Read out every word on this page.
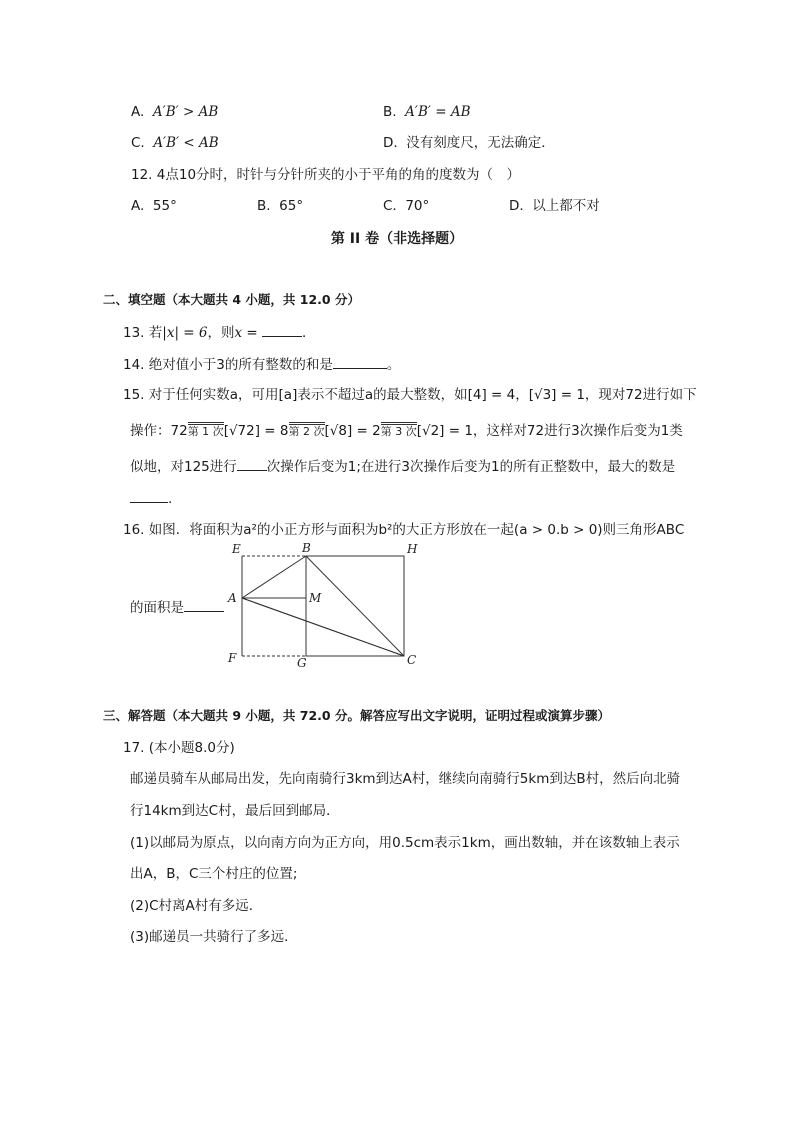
A. A′B′ > AB	B. A′B′ = AB
C. A′B′ < AB	D. 没有刻度尺，无法确定．
12. 4点10分时，时针与分针所夹的小于平角的角的度数为（　）
A. 55°	B. 65°	C. 70°	D. 以上都不对
第 II 卷（非选择题）
二、填空题（本大题共 4 小题，共 12.0 分）
13. 若|x| = 6，则x =	．
14. 绝对值小于3的所有整数的和是	。
15. 对于任何实数a，可用[a]表示不超过a的最大整数，如[4] = 4，[√3] = 1，现对72进行如下
操作：72第 1 次[√72] = 8第 2 次[√8] = 2第 3 次[√2] = 1，这样对72进行3次操作后变为1类
似地，对125进行 次操作后变为1;在进行3次操作后变为1的所有正整数中，最大的数是
.
16. 如图．将面积为a²的小正方形与面积为b²的大正方形放在一起(a > 0.b > 0)则三角形ABC
的面积是
E	B	H
A	M
F	G	C
三、解答题（本大题共 9 小题，共 72.0 分。解答应写出文字说明，证明过程或演算步骤）
17. (本小题8.0分)
邮递员骑车从邮局出发，先向南骑行3km到达A村，继续向南骑行5km到达B村，然后向北骑
行14km到达C村，最后回到邮局．
(1)以邮局为原点，以向南方向为正方向，用0.5cm表示1km，画出数轴，并在该数轴上表示
出A，B，C三个村庄的位置;
(2)C村离A村有多远．
(3)邮递员一共骑行了多远．
